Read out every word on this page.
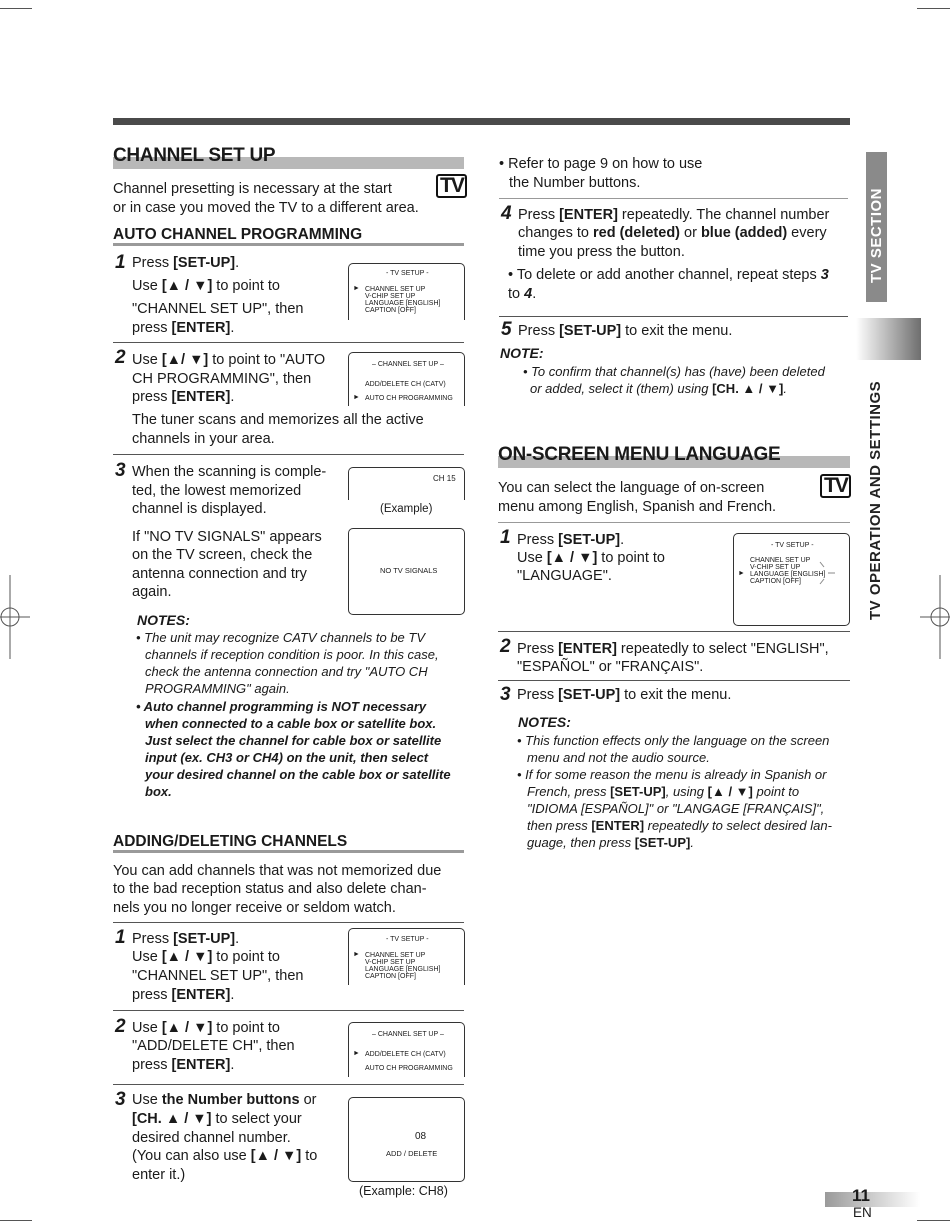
CHANNEL SET UP
Channel presetting is necessary at the start
or in case you moved the TV to a different area.
TV
AUTO CHANNEL PROGRAMMING
1 Press [SET-UP].
Use [▲ / ▼] to point to
"CHANNEL SET UP", then
press [ENTER].
- TV SETUP -
► CHANNEL SET UP
V-CHIP SET UP
LANGUAGE [ENGLISH]
CAPTION [OFF]
2 Use [▲/ ▼] to point to "AUTO
CH PROGRAMMING", then
press [ENTER].
The tuner scans and memorizes all the active
channels in your area.
– CHANNEL SET UP –
ADD/DELETE CH (CATV)
► AUTO CH PROGRAMMING
3 When the scanning is comple-
ted, the lowest memorized
channel is displayed.
If "NO TV SIGNALS" appears
on the TV screen, check the
antenna connection and try
again.
CH 15
(Example)
NO TV SIGNALS
NOTES:
• The unit may recognize CATV channels to be TV
channels if reception condition is poor. In this case,
check the antenna connection and try "AUTO CH
PROGRAMMING" again.
• Auto channel programming is NOT necessary
when connected to a cable box or satellite box.
Just select the channel for cable box or satellite
input (ex. CH3 or CH4) on the unit, then select
your desired channel on the cable box or satellite
box.
ADDING/DELETING CHANNELS
You can add channels that was not memorized due
to the bad reception status and also delete chan-
nels you no longer receive or seldom watch.
1 Press [SET-UP].
Use [▲ / ▼] to point to
"CHANNEL SET UP", then
press [ENTER].
- TV SETUP -
► CHANNEL SET UP
V-CHIP SET UP
LANGUAGE [ENGLISH]
CAPTION [OFF]
2 Use [▲ / ▼] to point to
"ADD/DELETE CH", then
press [ENTER].
– CHANNEL SET UP –
► ADD/DELETE CH (CATV)
AUTO CH PROGRAMMING
3 Use the Number buttons or
[CH. ▲ / ▼] to select your
desired channel number.
(You can also use [▲ / ▼] to
enter it.)
08
ADD / DELETE
(Example: CH8)
• Refer to page 9 on how to use
the Number buttons.
4 Press [ENTER] repeatedly. The channel number
changes to red (deleted) or blue (added) every
time you press the button.
• To delete or add another channel, repeat steps 3
to 4.
5 Press [SET-UP] to exit the menu.
NOTE:
• To confirm that channel(s) has (have) been deleted
or added, select it (them) using [CH. ▲ / ▼].
ON-SCREEN MENU LANGUAGE
You can select the language of on-screen
menu among English, Spanish and French.
TV
1 Press [SET-UP].
Use [▲ / ▼] to point to
"LANGUAGE".
- TV SETUP -
CHANNEL SET UP
V-CHIP SET UP
► LANGUAGE [ENGLISH]
CAPTION [OFF]
2 Press [ENTER] repeatedly to select "ENGLISH",
"ESPAÑOL" or "FRANÇAIS".
3 Press [SET-UP] to exit the menu.
NOTES:
• This function effects only the language on the screen
menu and not the audio source.
• If for some reason the menu is already in Spanish or
French, press [SET-UP], using [▲ / ▼] point to
"IDIOMA [ESPAÑOL]" or "LANGAGE [FRANÇAIS]",
then press [ENTER] repeatedly to select desired lan-
guage, then press [SET-UP].
TV SECTION
TV OPERATION AND SETTINGS
11
EN
